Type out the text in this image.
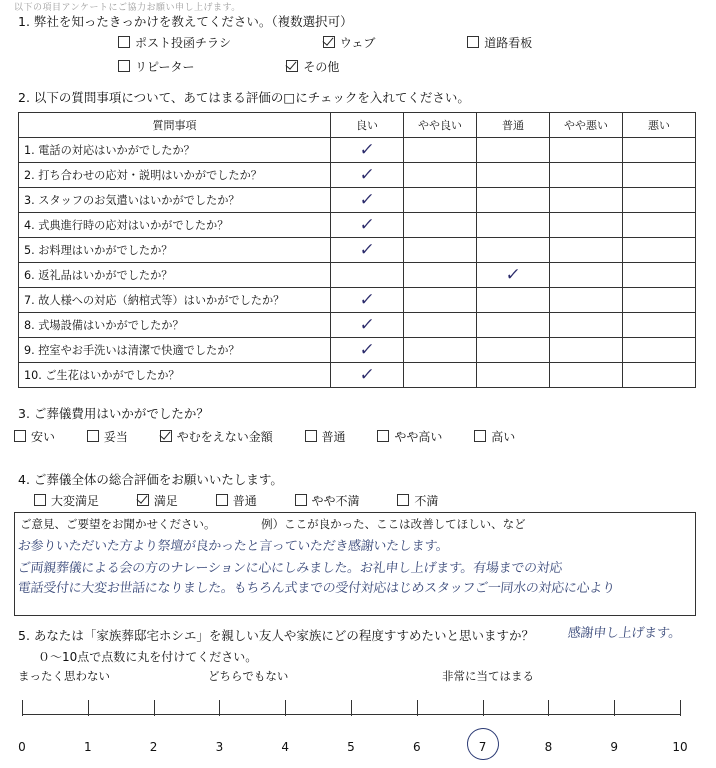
以下の項目アンケートにご協力お願い申し上げます。
1. 弊社を知ったきっかけを教えてください。（複数選択可）
ポスト投函チラシ	ウェブ	道路看板
リピーター	その他
2. 以下の質問事項について、あてはまる評価の□にチェックを入れてください。
質問事項	良い	やや良い	普通	やや悪い	悪い
1. 電話の対応はいかがでしたか？	✓				
2. 打ち合わせの応対・説明はいかがでしたか？	✓				
3. スタッフのお気遣いはいかがでしたか？	✓				
4. 式典進行時の応対はいかがでしたか？	✓				
5. お料理はいかがでしたか？	✓				
6. 返礼品はいかがでしたか？			✓		
7. 故人様への対応（納棺式等）はいかがでしたか？	✓				
8. 式場設備はいかがでしたか？	✓				
9. 控室やお手洗いは清潔で快適でしたか？	✓				
10. ご生花はいかがでしたか？	✓				
3. ご葬儀費用はいかがでしたか？
安い	妥当	やむをえない金額	普通	やや高い	高い
4. ご葬儀全体の総合評価をお願いいたします。
大変満足	満足	普通	やや不満	不満
ご意見、ご要望をお聞かせください。	例）ここが良かった、ここは改善してほしい、など
お参りいただいた方より祭壇が良かったと言っていただき感謝いたします。
ご両親葬儀による会の方のナレーションに心にしみました。お礼申し上げます。有場までの対応
電話受付に大変お世話になりました。もちろん式までの受付対応はじめスタッフご一同水の対応に心より
感謝申し上げます。
5. あなたは「家族葬邸宅ホシエ」を親しい友人や家族にどの程度すすめたいと思いますか？
０〜10点で点数に丸を付けてください。
まったく思わない	どちらでもない	非常に当てはまる
0	1	2	3	4	5	6	7	8	9	10
